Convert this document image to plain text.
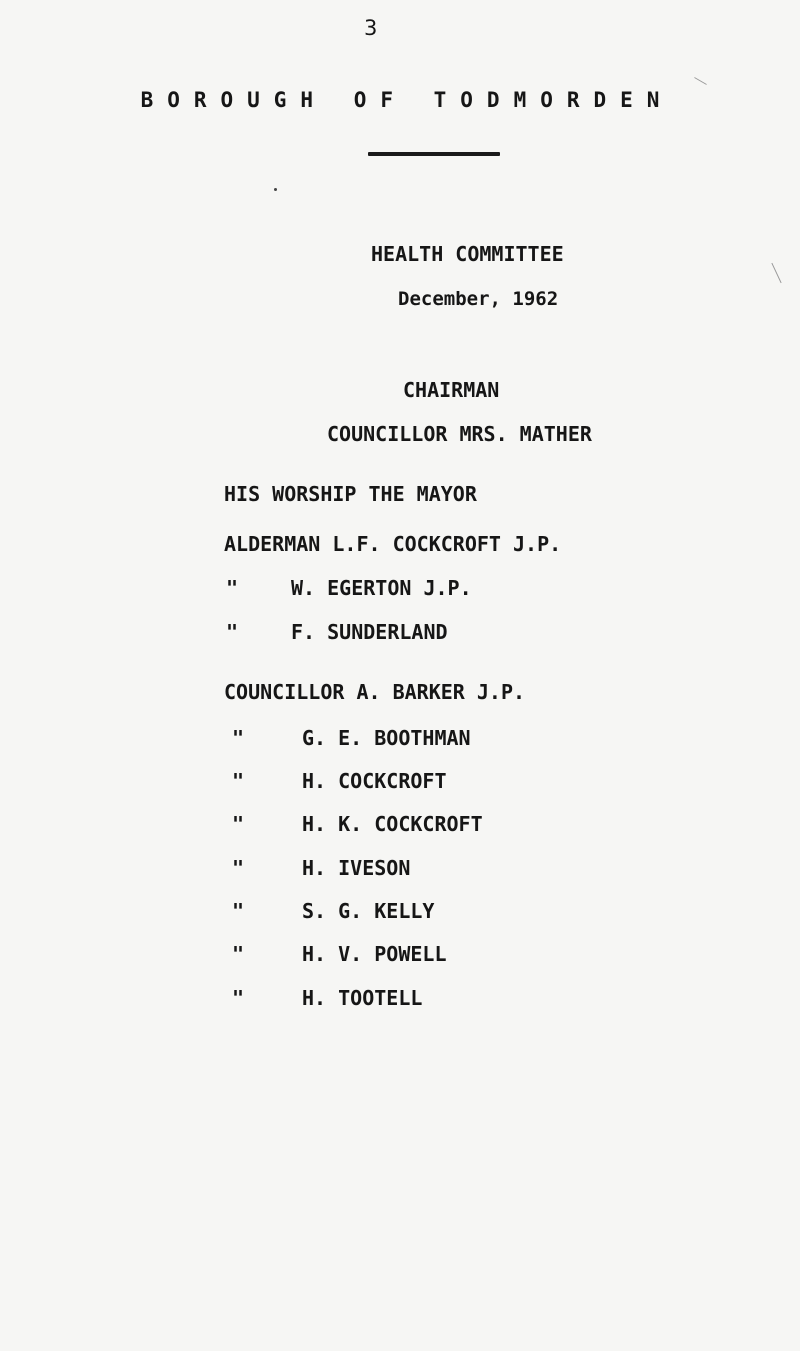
3
BOROUGH OF TODMORDEN
HEALTH COMMITTEE
December, 1962
CHAIRMAN
COUNCILLOR MRS. MATHER
HIS WORSHIP THE MAYOR
ALDERMAN L.F. COCKCROFT J.P.
"	W. EGERTON J.P.
"	F. SUNDERLAND
COUNCILLOR A. BARKER J.P.
"	G. E. BOOTHMAN
"	H. COCKCROFT
"	H. K. COCKCROFT
"	H. IVESON
"	S. G. KELLY
"	H. V. POWELL
"	H. TOOTELL
